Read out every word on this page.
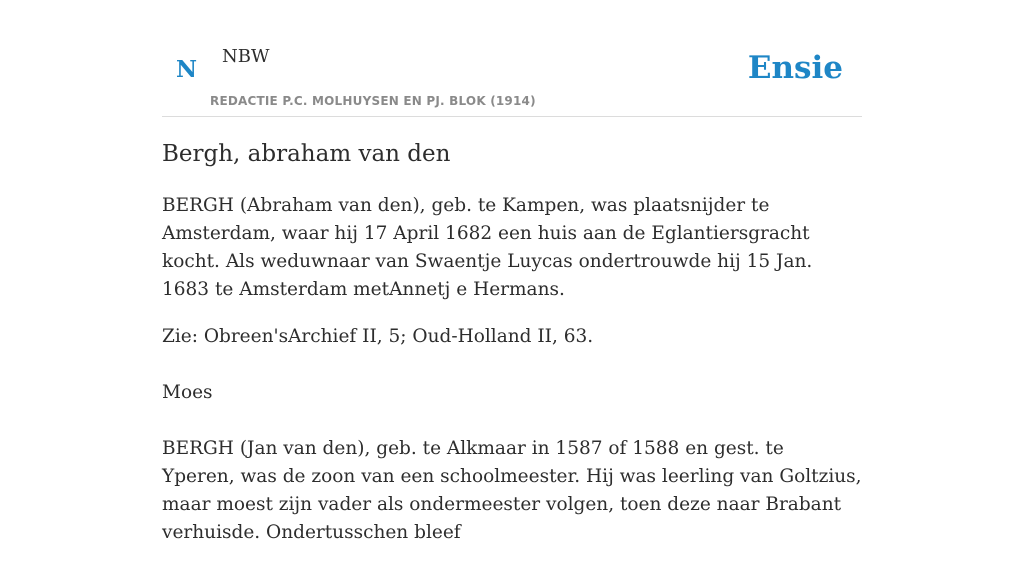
N NBW
REDACTIE P.C. MOLHUYSEN EN PJ. BLOK (1914)
Ensie
Bergh, abraham van den

BERGH (Abraham van den), geb. te Kampen, was plaatsnijder te Amsterdam, waar hij 17 April 1682 een huis aan de Eglantiersgracht kocht. Als weduwnaar van Swaentje Luycas ondertrouwde hij 15 Jan. 1683 te Amsterdam metAnnetj e Hermans.

Zie: Obreen'sArchief II, 5; Oud-Holland II, 63.

Moes

BERGH (Jan van den), geb. te Alkmaar in 1587 of 1588 en gest. te Yperen, was de zoon van een schoolmeester. Hij was leerling van Goltzius, maar moest zijn vader als ondermeester volgen, toen deze naar Brabant verhuisde. Ondertusschen bleef
